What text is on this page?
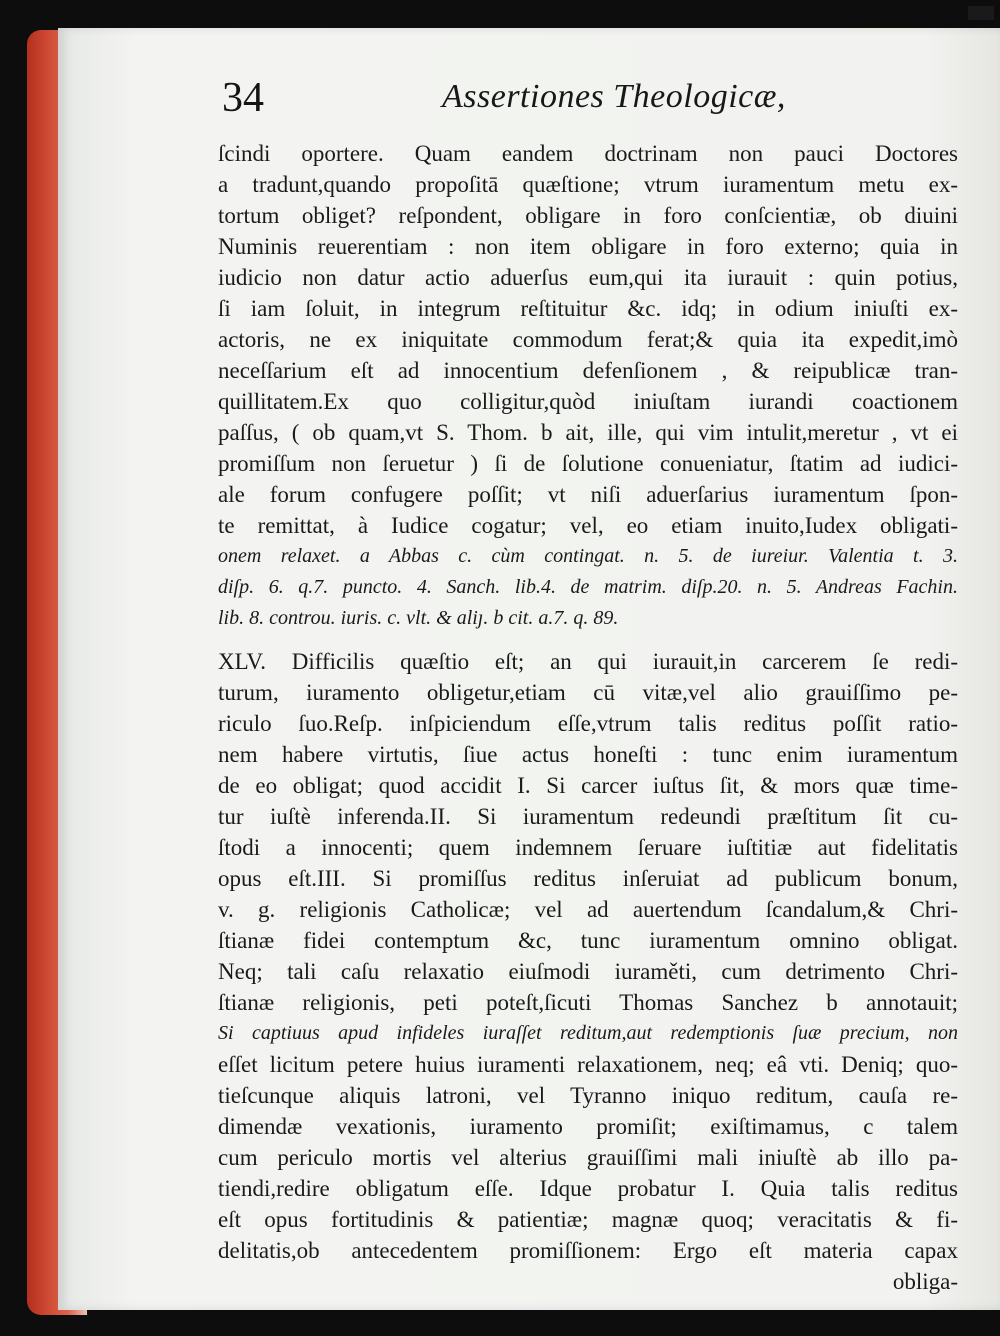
34	Assertiones Theologicæ,
ſcindi oportere. Quam eandem doctrinam non pauci Doctores
a tradunt,quando propoſitā quæſtione; vtrum iuramentum metu ex-
tortum obliget? reſpondent, obligare in foro conſcientiæ, ob diuini
Numinis reuerentiam : non item obligare in foro externo; quia in
iudicio non datur actio aduerſus eum,qui ita iurauit : quin potius,
ſi iam ſoluit, in integrum reſtituitur &c. idq; in odium iniuſti ex-
actoris, ne ex iniquitate commodum ferat;& quia ita expedit,imò
neceſſarium eſt ad innocentium defenſionem , & reipublicæ tran-
quillitatem.Ex quo colligitur,quòd iniuſtam iurandi coactionem
paſſus, ( ob quam,vt S. Thom. b ait, ille, qui vim intulit,meretur , vt ei
promiſſum non ſeruetur ) ſi de ſolutione conueniatur, ſtatim ad iudici-
ale forum confugere poſſit; vt niſi aduerſarius iuramentum ſpon-
te remittat, à Iudice cogatur; vel, eo etiam inuito,Iudex obligati-
onem relaxet. a Abbas c. cùm contingat. n. 5. de iureiur. Valentia t. 3.
diſp. 6. q.7. puncto. 4. Sanch. lib.4. de matrim. diſp.20. n. 5. Andreas Fachin.
lib. 8. controu. iuris. c. vlt. & aliȷ. b cit. a.7. q. 89.
XLV. Difficilis quæſtio eſt; an qui iurauit,in carcerem ſe redi-
turum, iuramento obligetur,etiam cū vitæ,vel alio grauiſſimo pe-
riculo ſuo.Reſp. inſpiciendum eſſe,vtrum talis reditus poſſit ratio-
nem habere virtutis, ſiue actus honeſti : tunc enim iuramentum
de eo obligat; quod accidit I. Si carcer iuſtus ſit, & mors quæ time-
tur iuſtè inferenda.II. Si iuramentum redeundi præſtitum ſit cu-
ſtodi a innocenti; quem indemnem ſeruare iuſtitiæ aut fidelitatis
opus eſt.III. Si promiſſus reditus inſeruiat ad publicum bonum,
v. g. religionis Catholicæ; vel ad auertendum ſcandalum,& Chri-
ſtianæ fidei contemptum &c, tunc iuramentum omnino obligat.
Neq; tali caſu relaxatio eiuſmodi iuraměti, cum detrimento Chri-
ſtianæ religionis, peti poteſt,ſicuti Thomas Sanchez b annotauit;
Si captiuus apud infideles iuraſſet reditum,aut redemptionis ſuæ precium, non
eſſet licitum petere huius iuramenti relaxationem, neq; eâ vti. Deniq; quo-
tieſcunque aliquis latroni, vel Tyranno iniquo reditum, cauſa re-
dimendæ vexationis, iuramento promiſit; exiſtimamus, c talem
cum periculo mortis vel alterius grauiſſimi mali iniuſtè ab illo pa-
tiendi,redire obligatum eſſe. Idque probatur I. Quia talis reditus
eſt opus fortitudinis & patientiæ; magnæ quoq; veracitatis & fi-
delitatis,ob antecedentem promiſſionem: Ergo eſt materia capax
obliga-
